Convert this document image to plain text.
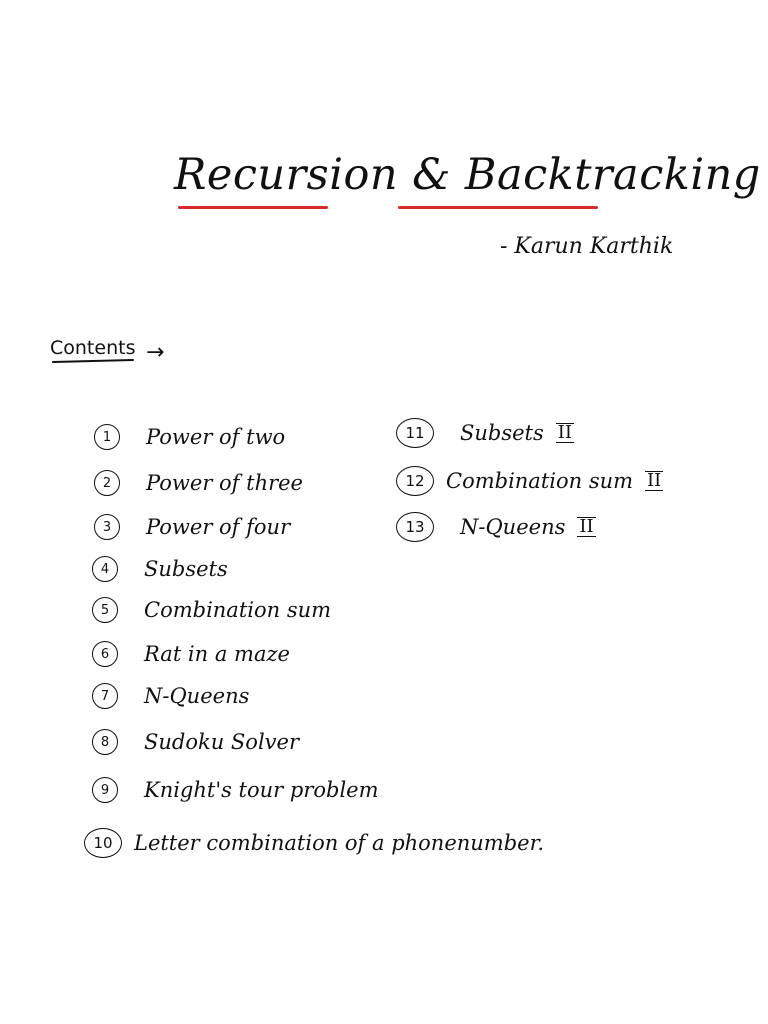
Recursion & Backtracking
- Karun Karthik
Contents →
1	Power of two
2	Power of three
3	Power of four
4	Subsets
5	Combination sum
6	Rat in a maze
7	N-Queens
8	Sudoku Solver
9	Knight's tour problem
10	Letter combination of a phonenumber.
11	Subsets II
12	Combination sum II
13	N-Queens II
